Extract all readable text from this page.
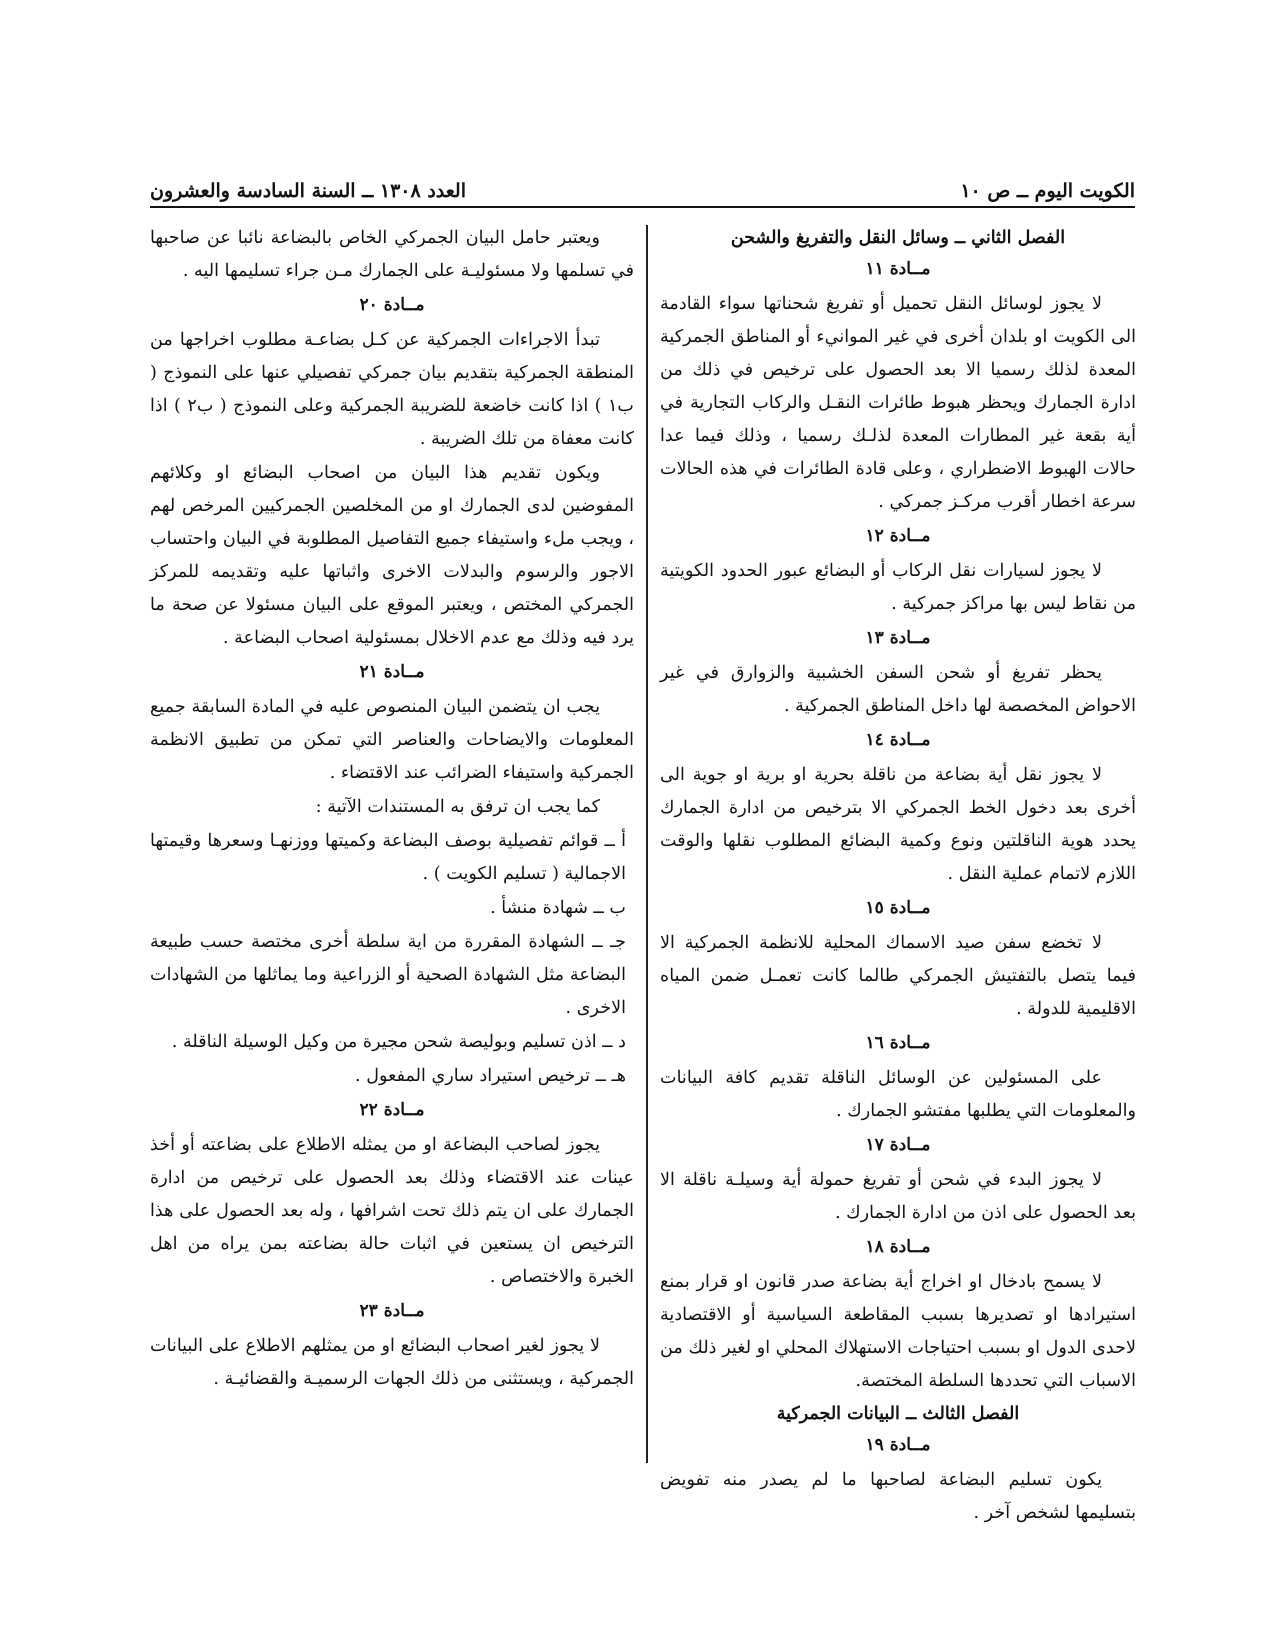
الكويت اليوم ــ ص ١٠
العدد ١٣٠٨ ــ السنة السادسة والعشرون
الفصل الثاني ــ وسائل النقل والتفريغ والشحن
مــادة ١١

لا يجوز لوسائل النقل تحميل أو تفريغ شحناتها سواء القادمة الى الكويت او بلدان أخرى في غير الموانيء أو المناطق الجمركية المعدة لذلك رسميا الا بعد الحصول على ترخيص في ذلك من ادارة الجمارك ويحظر هبوط طائرات النقـل والركاب التجارية في أية بقعة غير المطارات المعدة لذلـك رسميا ، وذلك فيما عدا حالات الهبوط الاضطراري ، وعلى قادة الطائرات في هذه الحالات سرعة اخطار أقرب مركـز جمركي .

مــادة ١٢

لا يجوز لسيارات نقل الركاب أو البضائع عبور الحدود الكويتية من نقاط ليس بها مراكز جمركية .

مــادة ١٣

يحظر تفريغ أو شحن السفن الخشبية والزوارق في غير الاحواض المخصصة لها داخل المناطق الجمركية .

مــادة ١٤

لا يجوز نقل أية بضاعة من ناقلة بحرية او برية او جوية الى أخرى بعد دخول الخط الجمركي الا بترخيص من ادارة الجمارك يحدد هوية الناقلتين ونوع وكمية البضائع المطلوب نقلها والوقت اللازم لاتمام عملية النقل .

مــادة ١٥

لا تخضع سفن صيد الاسماك المحلية للانظمة الجمركية الا فيما يتصل بالتفتيش الجمركي طالما كانت تعمـل ضمن المياه الاقليمية للدولة .

مــادة ١٦

على المسئولين عن الوسائل الناقلة تقديم كافة البيانات والمعلومات التي يطلبها مفتشو الجمارك .

مــادة ١٧

لا يجوز البدء في شحن أو تفريغ حمولة أية وسيلـة ناقلة الا بعد الحصول على اذن من ادارة الجمارك .

مــادة ١٨

لا يسمح بادخال او اخراج أية بضاعة صدر قانون او قرار بمنع استيرادها او تصديرها بسبب المقاطعة السياسية أو الاقتصادية لاحدى الدول او بسبب احتياجات الاستهلاك المحلي او لغير ذلك من الاسباب التي تحددها السلطة المختصة.

الفصل الثالث ــ البيانات الجمركية
مــادة ١٩

يكون تسليم البضاعة لصاحبها ما لم يصدر منه تفويض بتسليمها لشخص آخر .

ويعتبر حامل البيان الجمركي الخاص بالبضاعة نائبا عن صاحبها في تسلمها ولا مسئوليـة على الجمارك مـن جراء تسليمها اليه .

مــادة ٢٠

تبدأ الاجراءات الجمركية عن كـل بضاعـة مطلوب اخراجها من المنطقة الجمركية بتقديم بيان جمركي تفصيلي عنها على النموذج ( ب١ ) اذا كانت خاضعة للضريبة الجمركية وعلى النموذج ( ب٢ ) اذا كانت معفاة من تلك الضريبة .

ويكون تقديم هذا البيان من اصحاب البضائع او وكلائهم المفوضين لدى الجمارك او من المخلصين الجمركيين المرخص لهم ، ويجب ملء واستيفاء جميع التفاصيل المطلوبة في البيان واحتساب الاجور والرسوم والبدلات الاخرى واثباتها عليه وتقديمه للمركز الجمركي المختص ، ويعتبر الموقع على البيان مسئولا عن صحة ما يرد فيه وذلك مع عدم الاخلال بمسئولية اصحاب البضاعة .

مــادة ٢١

يجب ان يتضمن البيان المنصوص عليه في المادة السابقة جميع المعلومات والايضاحات والعناصر التي تمكن من تطبيق الانظمة الجمركية واستيفاء الضرائب عند الاقتضاء .

كما يجب ان ترفق به المستندات الآتية :

أ ــ قوائم تفصيلية بوصف البضاعة وكميتها ووزنهـا وسعرها وقيمتها الاجمالية ( تسليم الكويت ) .

ب ــ شهادة منشأ .

جـ ــ الشهادة المقررة من اية سلطة أخرى مختصة حسب طبيعة البضاعة مثل الشهادة الصحية أو الزراعية وما يماثلها من الشهادات الاخرى .

د ــ اذن تسليم وبوليصة شحن مجيرة من وكيل الوسيلة الناقلة .

هـ ــ ترخيص استيراد ساري المفعول .

مــادة ٢٢

يجوز لصاحب البضاعة او من يمثله الاطلاع على بضاعته أو أخذ عينات عند الاقتضاء وذلك بعد الحصول على ترخيص من ادارة الجمارك على ان يتم ذلك تحت اشرافها ، وله بعد الحصول على هذا الترخيص ان يستعين في اثبات حالة بضاعته بمن يراه من اهل الخبرة والاختصاص .

مــادة ٢٣

لا يجوز لغير اصحاب البضائع او من يمثلهم الاطلاع على البيانات الجمركية ، ويستثنى من ذلك الجهات الرسميـة والقضائيـة .
